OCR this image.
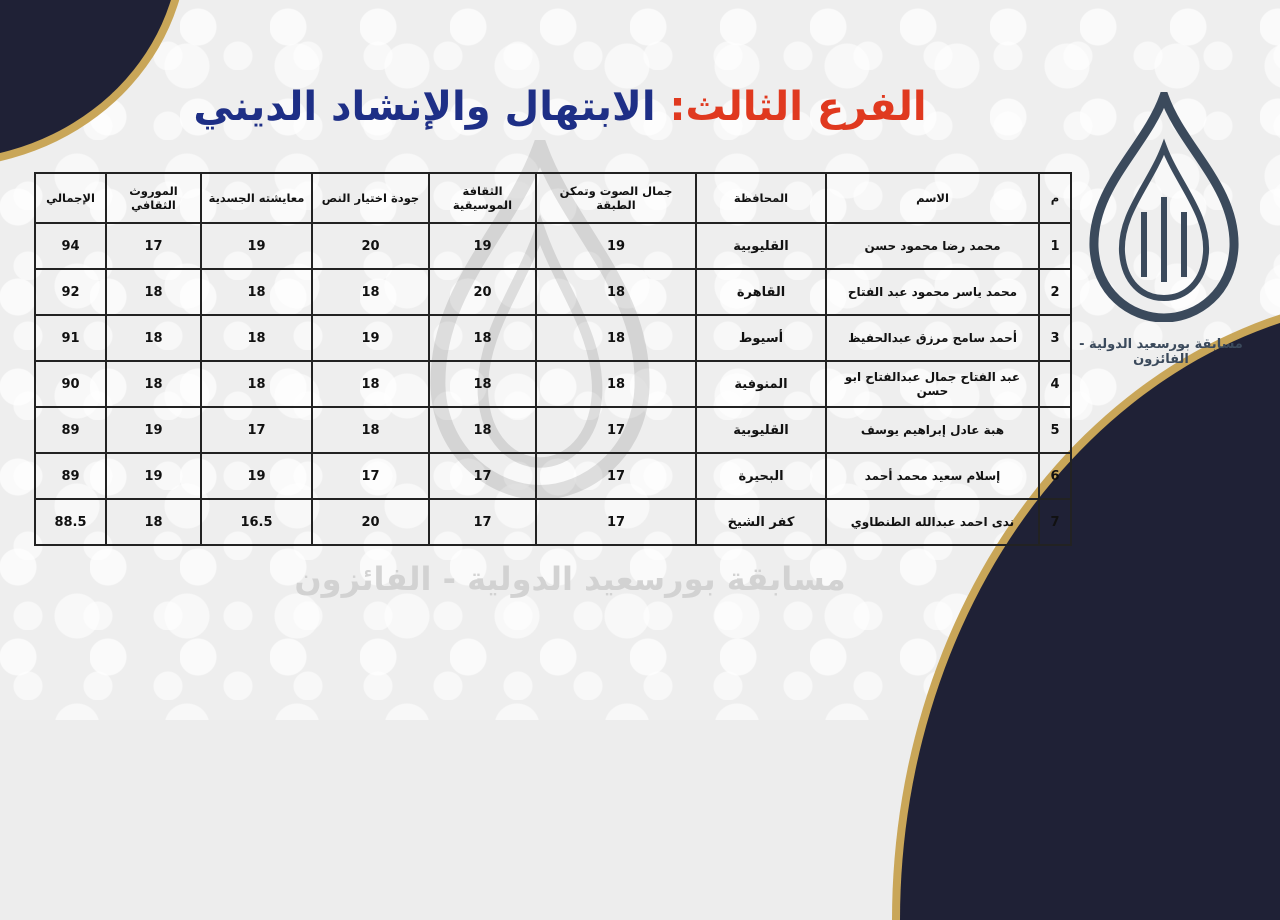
مسابقة بورسعيد الدولية - الفائزون
الفرع الثالث: الابتهال والإنشاد الديني
مسابقة بورسعيد الدولية - الفائزون
م	الاسم	المحافظة	جمال الصوت وتمكن الطبقة	الثقافة الموسيقية	جودة اختيار النص	معايشته الجسدية	الموروث الثقافي	الإجمالي
1	محمد رضا محمود حسن	القليوبية	19	19	20	19	17	94
2	محمد ياسر محمود عبد الفتاح	القاهرة	18	20	18	18	18	92
3	أحمد سامح مرزق عبدالحفيظ	أسيوط	18	18	19	18	18	91
4	عبد الفتاح جمال عبدالفتاح ابو حسن	المنوفية	18	18	18	18	18	90
5	هبة عادل إبراهيم يوسف	القليوبية	17	18	18	17	19	89
6	إسلام سعيد محمد أحمد	البحيرة	17	17	17	19	19	89
7	ندى احمد عبدالله الطنطاوي	كفر الشيخ	17	17	20	16.5	18	88.5
